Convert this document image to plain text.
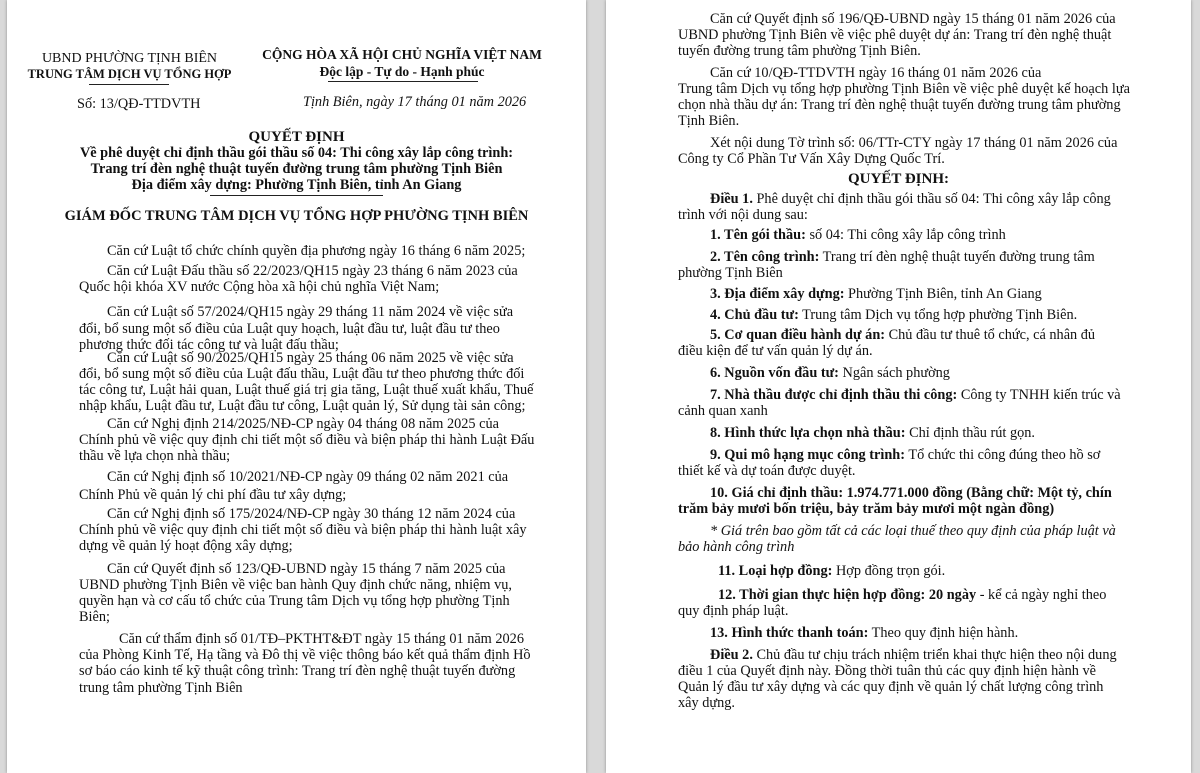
UBND PHƯỜNG TỊNH BIÊN
TRUNG TÂM DỊCH VỤ TỔNG HỢP
CỘNG HÒA XÃ HỘI CHỦ NGHĨA VIỆT NAM
Độc lập - Tự do - Hạnh phúc
Số: 13/QĐ-TTDVTH	Tịnh Biên, ngày 17 tháng 01 năm 2026
QUYẾT ĐỊNH
Về phê duyệt chỉ định thầu gói thầu số 04: Thi công xây lắp công trình:
Trang trí đèn nghệ thuật tuyến đường trung tâm phường Tịnh Biên
Địa điểm xây dựng: Phường Tịnh Biên, tỉnh An Giang
GIÁM ĐỐC TRUNG TÂM DỊCH VỤ TỔNG HỢP PHƯỜNG TỊNH BIÊN
Căn cứ Luật tổ chức chính quyền địa phương ngày 16 tháng 6 năm 2025;
Căn cứ Luật Đấu thầu số 22/2023/QH15 ngày 23 tháng 6 năm 2023 của
Quốc hội khóa XV nước Cộng hòa xã hội chủ nghĩa Việt Nam;
Căn cứ Luật số 57/2024/QH15 ngày 29 tháng 11 năm 2024 về việc sửa
đổi, bổ sung một số điều của Luật quy hoạch, luật đầu tư, luật đầu tư theo
phương thức đối tác công tư và luật đấu thầu;
Căn cứ Luật số 90/2025/QH15 ngày 25 tháng 06 năm 2025 về việc sửa
đổi, bổ sung một số điều của Luật đấu thầu, Luật đầu tư theo phương thức đối
tác công tư, Luật hải quan, Luật thuế giá trị gia tăng, Luật thuế xuất khẩu, Thuế
nhập khẩu, Luật đầu tư, Luật đầu tư công, Luật quản lý, Sử dụng tài sản công;
Căn cứ Nghị định 214/2025/NĐ-CP ngày 04 tháng 08 năm 2025 của
Chính phủ về việc quy định chi tiết một số điều và biện pháp thi hành Luật Đấu
thầu về lựa chọn nhà thầu;
Căn cứ Nghị định số 10/2021/NĐ-CP ngày 09 tháng 02 năm 2021 của
Chính Phủ về quản lý chi phí đầu tư xây dựng;
Căn cứ Nghị định số 175/2024/NĐ-CP ngày 30 tháng 12 năm 2024 của
Chính phủ về việc quy định chi tiết một số điều và biện pháp thi hành luật xây
dựng về quản lý hoạt động xây dựng;
Căn cứ Quyết định số 123/QĐ-UBND ngày 15 tháng 7 năm 2025 của
UBND phường Tịnh Biên về việc ban hành Quy định chức năng, nhiệm vụ,
quyền hạn và cơ cấu tổ chức của Trung tâm Dịch vụ tổng hợp phường Tịnh
Biên;
Căn cứ thẩm định số 01/TĐ–PKTHT&ĐT ngày 15 tháng 01 năm 2026
của Phòng Kinh Tế, Hạ tầng và Đô thị về việc thông báo kết quả thẩm định Hồ
sơ báo cáo kinh tế kỹ thuật công trình: Trang trí đèn nghệ thuật tuyến đường
trung tâm phường Tịnh Biên
Căn cứ Quyết định số 196/QĐ-UBND ngày 15 tháng 01 năm 2026 của
UBND phường Tịnh Biên về việc phê duyệt dự án: Trang trí đèn nghệ thuật
tuyến đường trung tâm phường Tịnh Biên.
Căn cứ 10/QĐ-TTDVTH ngày 16 tháng 01 năm 2026 của
Trung tâm Dịch vụ tổng hợp phường Tịnh Biên về việc phê duyệt kế hoạch lựa
chọn nhà thầu dự án: Trang trí đèn nghệ thuật tuyến đường trung tâm phường
Tịnh Biên.
Xét nội dung Tờ trình số: 06/TTr-CTY ngày 17 tháng 01 năm 2026 của
Công ty Cổ Phần Tư Vấn Xây Dựng Quốc Trí.
QUYẾT ĐỊNH:
Điều 1. Phê duyệt chỉ định thầu gói thầu số 04: Thi công xây lắp công
trình với nội dung sau:
1. Tên gói thầu: số 04: Thi công xây lắp công trình
2. Tên công trình: Trang trí đèn nghệ thuật tuyến đường trung tâm
phường Tịnh Biên
3. Địa điểm xây dựng: Phường Tịnh Biên, tỉnh An Giang
4. Chủ đầu tư: Trung tâm Dịch vụ tổng hợp phường Tịnh Biên.
5. Cơ quan điều hành dự án: Chủ đầu tư thuê tổ chức, cá nhân đủ
điều kiện để tư vấn quản lý dự án.
6. Nguồn vốn đầu tư: Ngân sách phường
7. Nhà thầu được chỉ định thầu thi công: Công ty TNHH kiến trúc và
cảnh quan xanh
8. Hình thức lựa chọn nhà thầu: Chỉ định thầu rút gọn.
9. Qui mô hạng mục công trình: Tổ chức thi công đúng theo hồ sơ
thiết kế và dự toán được duyệt.
10. Giá chỉ định thầu: 1.974.771.000 đồng (Bằng chữ: Một tỷ, chín
trăm bảy mươi bốn triệu, bảy trăm bảy mươi một ngàn đồng)
* Giá trên bao gồm tất cả các loại thuế theo quy định của pháp luật và
bảo hành công trình
11. Loại hợp đồng: Hợp đồng trọn gói.
12. Thời gian thực hiện hợp đồng: 20 ngày - kể cả ngày nghỉ theo
quy định pháp luật.
13. Hình thức thanh toán: Theo quy định hiện hành.
Điều 2. Chủ đầu tư chịu trách nhiệm triển khai thực hiện theo nội dung
điều 1 của Quyết định này. Đồng thời tuân thủ các quy định hiện hành về
Quản lý đầu tư xây dựng và các quy định về quản lý chất lượng công trình
xây dựng.
